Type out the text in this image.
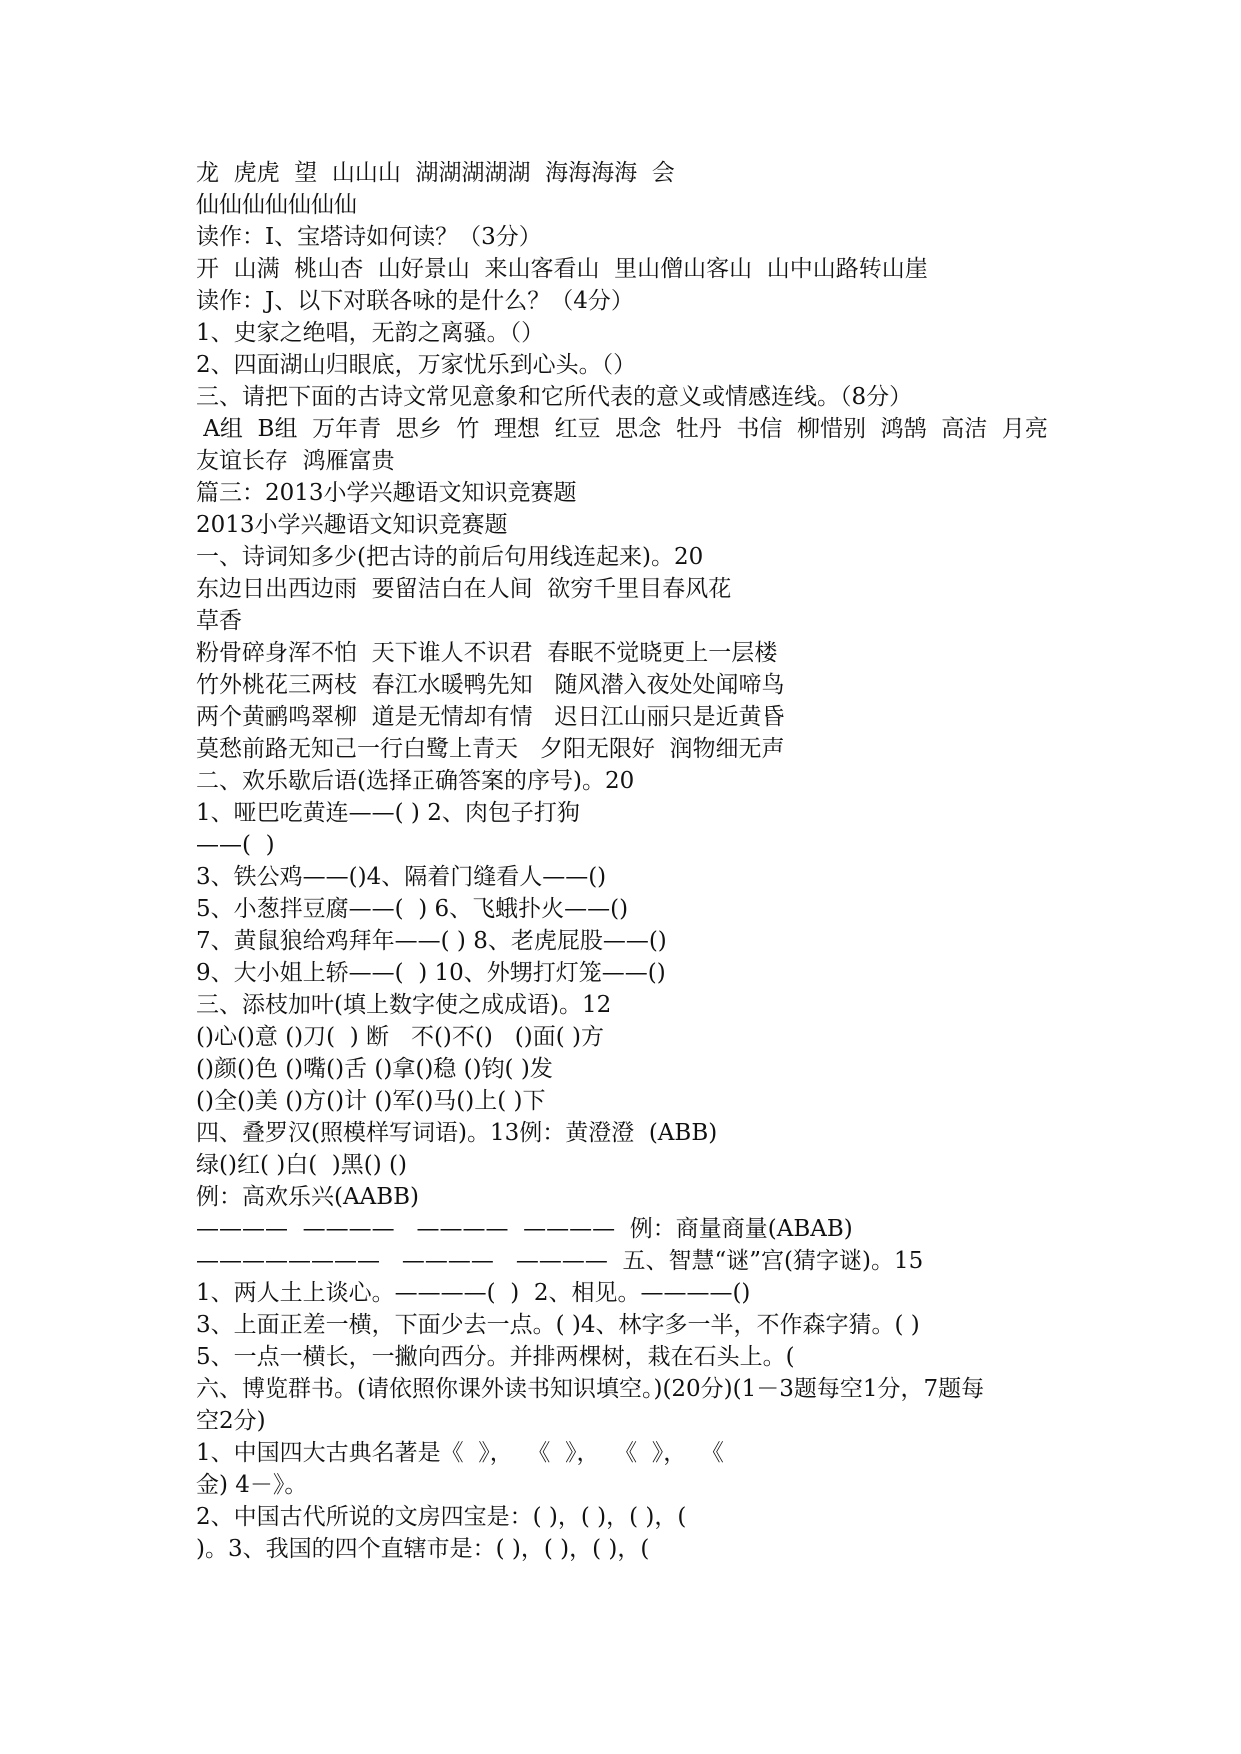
龙  虎虎  望  山山山  湖湖湖湖湖  海海海海  会
仙仙仙仙仙仙仙
读作：I、宝塔诗如何读？（3分）
开  山满  桃山杏  山好景山  来山客看山  里山僧山客山  山中山路转山崖
读作：J、以下对联各咏的是什么？（4分）
1、史家之绝唱，无韵之离骚。（）
2、四面湖山归眼底，万家忧乐到心头。（）
三、请把下面的古诗文常见意象和它所代表的意义或情感连线。（8分）
A组  B组  万年青  思乡  竹  理想  红豆  思念  牡丹  书信  柳惜别  鸿鹄  高洁  月亮
友谊长存  鸿雁富贵
篇三：2013小学兴趣语文知识竞赛题
2013小学兴趣语文知识竞赛题
一、诗词知多少(把古诗的前后句用线连起来)。20
东边日出西边雨  要留洁白在人间  欲穷千里目春风花
草香
粉骨碎身浑不怕  天下谁人不识君  春眠不觉晓更上一层楼
竹外桃花三两枝  春江水暖鸭先知   随风潜入夜处处闻啼鸟
两个黄鹂鸣翠柳  道是无情却有情   迟日江山丽只是近黄昏
莫愁前路无知己一行白鹭上青天   夕阳无限好  润物细无声
二、欢乐歇后语(选择正确答案的序号)。20
1、哑巴吃黄连——( ) 2、肉包子打狗
——(  )
3、铁公鸡——()4、隔着门缝看人——()
5、小葱拌豆腐——(  ) 6、飞蛾扑火——()
7、黄鼠狼给鸡拜年——( ) 8、老虎屁股——()
9、大小姐上轿——(  ) 10、外甥打灯笼——()
三、添枝加叶(填上数字使之成成语)。12
()心()意 ()刀(  ) 断   不()不()   ()面( )方
()颜()色 ()嘴()舌 ()拿()稳 ()钧( )发
()全()美 ()方()计 ()军()马()上( )下
四、叠罗汉(照模样写词语)。13例：黄澄澄  (ABB)
绿()红( )白(  )黑() ()
例：高欢乐兴(AABB)
————  ————   ————  ————  例：商量商量(ABAB)
————————   ————   ————  五、智慧“谜”宫(猜字谜)。15
1、两人土上谈心。————(  )  2、相见。————()
3、上面正差一横，下面少去一点。( )4、林字多一半，不作森字猜。( )
5、一点一横长，一撇向西分。并排两棵树，栽在石头上。(
六、博览群书。(请依照你课外读书知识填空。)(20分)(1－3题每空1分，7题每
空2分)
1、中国四大古典名著是《  》，  《  》，  《  》，  《
金) 4－》。
2、中国古代所说的文房四宝是：( )，( )，( )，(
)。3、我国的四个直辖市是：( )，( )，( )，(
